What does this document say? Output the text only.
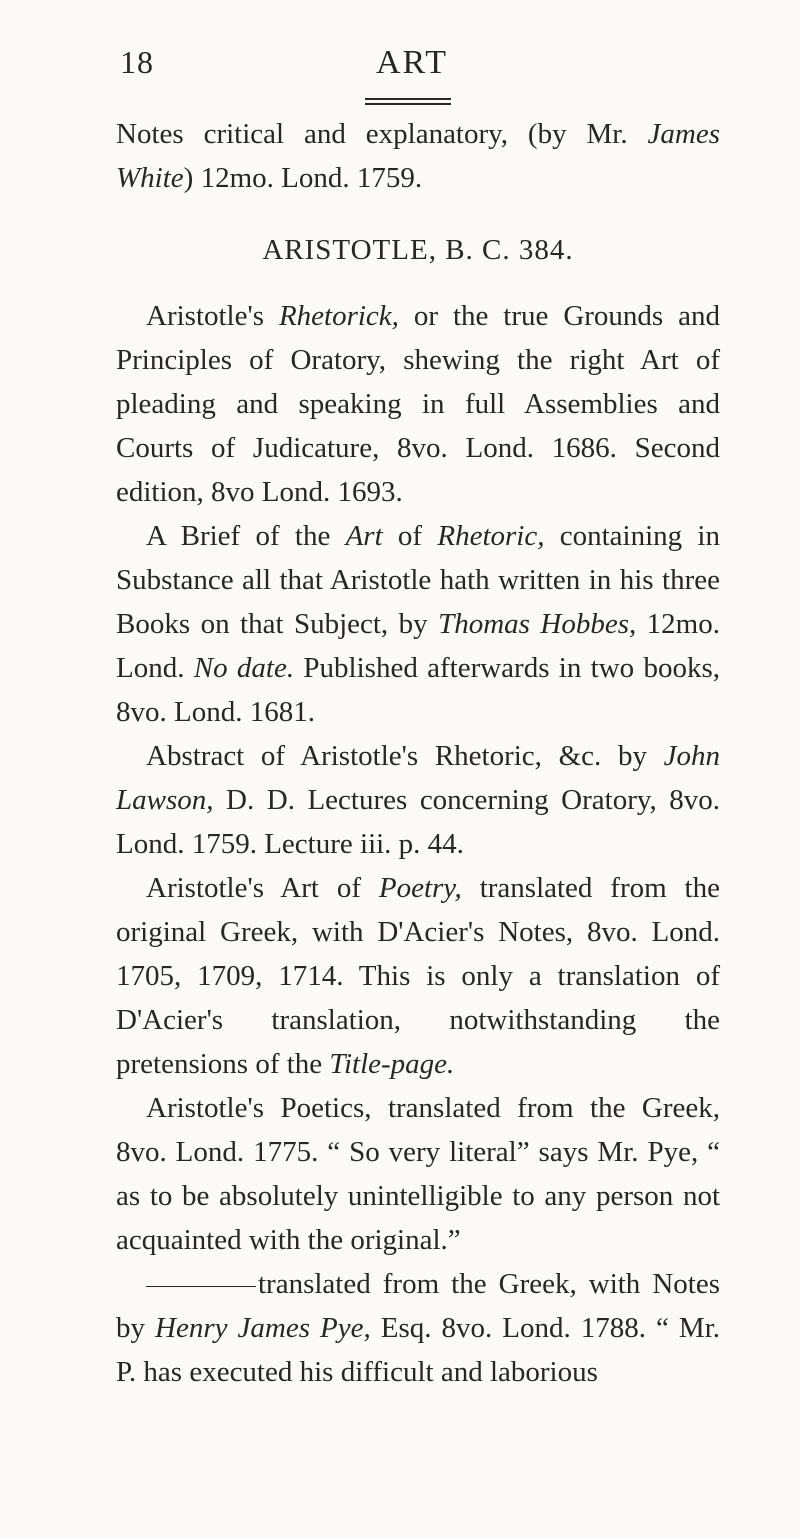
18	ART

Notes critical and explanatory, (by Mr. James White) 12mo. Lond. 1759.

ARISTOTLE, B. C. 384.

Aristotle's Rhetorick, or the true Grounds and Principles of Oratory, shewing the right Art of pleading and speaking in full Assemblies and Courts of Judicature, 8vo. Lond. 1686. Second edition, 8vo Lond. 1693.

A Brief of the Art of Rhetoric, containing in Substance all that Aristotle hath written in his three Books on that Subject, by Thomas Hobbes, 12mo. Lond. No date. Published afterwards in two books, 8vo. Lond. 1681.

Abstract of Aristotle's Rhetoric, &c. by John Lawson, D. D. Lectures concerning Oratory, 8vo. Lond. 1759. Lecture iii. p. 44.

Aristotle's Art of Poetry, translated from the original Greek, with D'Acier's Notes, 8vo. Lond. 1705, 1709, 1714. This is only a translation of D'Acier's translation, notwithstanding the pretensions of the Title-page.

Aristotle's Poetics, translated from the Greek, 8vo. Lond. 1775. “ So very literal” says Mr. Pye, “ as to be absolutely unintelligible to any person not acquainted with the original.”

translated from the Greek, with Notes by Henry James Pye, Esq. 8vo. Lond. 1788. “ Mr. P. has executed his difficult and laborious
